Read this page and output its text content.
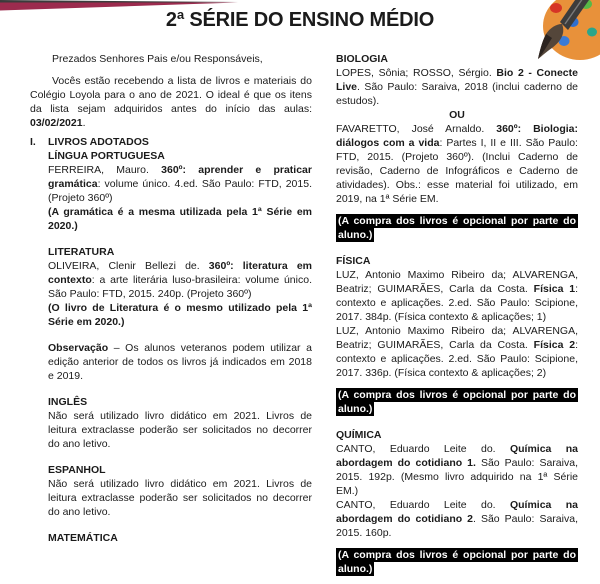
2ª SÉRIE DO ENSINO MÉDIO

Prezados Senhores Pais e/ou Responsáveis,

Vocês estão recebendo a lista de livros e materiais do Colégio Loyola para o ano de 2021. O ideal é que os itens da lista sejam adquiridos antes do início das aulas: 03/02/2021.

I. LIVROS ADOTADOS

LÍNGUA PORTUGUESA

FERREIRA, Mauro. 360º: aprender e praticar gramática: volume único. 4.ed. São Paulo: FTD, 2015. (Projeto 360º)

(A gramática é a mesma utilizada pela 1ª Série em 2020.)

LITERATURA

OLIVEIRA, Clenir Bellezi de. 360º: literatura em contexto: a arte literária luso-brasileira: volume único. São Paulo: FTD, 2015. 240p. (Projeto 360º)

(O livro de Literatura é o mesmo utilizado pela 1ª Série em 2020.)

Observação – Os alunos veteranos podem utilizar a edição anterior de todos os livros já indicados em 2018 e 2019.

INGLÊS

Não será utilizado livro didático em 2021. Livros de leitura extraclasse poderão ser solicitados no decorrer do ano letivo.

ESPANHOL

Não será utilizado livro didático em 2021. Livros de leitura extraclasse poderão ser solicitados no decorrer do ano letivo.

MATEMÁTICA

BIOLOGIA

LOPES, Sônia; ROSSO, Sérgio. Bio 2 - Conecte Live. São Paulo: Saraiva, 2018 (inclui caderno de estudos).

OU

FAVARETTO, José Arnaldo. 360º: Biologia: diálogos com a vida: Partes I, II e III. São Paulo: FTD, 2015. (Projeto 360º). (Inclui Caderno de revisão, Caderno de Infográficos e Caderno de atividades). Obs.: esse material foi utilizado, em 2019, na 1ª Série EM.

(A compra dos livros é opcional por parte do aluno.)

FÍSICA

LUZ, Antonio Maximo Ribeiro da; ALVARENGA, Beatriz; GUIMARÃES, Carla da Costa. Física 1: contexto e aplicações. 2.ed. São Paulo: Scipione, 2017. 384p. (Física contexto & aplicações; 1)

LUZ, Antonio Maximo Ribeiro da; ALVARENGA, Beatriz; GUIMARÃES, Carla da Costa. Física 2: contexto e aplicações. 2.ed. São Paulo: Scipione, 2017. 336p. (Física contexto & aplicações; 2)

(A compra dos livros é opcional por parte do aluno.)

QUÍMICA

CANTO, Eduardo Leite do. Química na abordagem do cotidiano 1. São Paulo: Saraiva, 2015. 192p. (Mesmo livro adquirido na 1ª Série EM.)

CANTO, Eduardo Leite do. Química na abordagem do cotidiano 2. São Paulo: Saraiva, 2015. 160p.

(A compra dos livros é opcional por parte do aluno.)
